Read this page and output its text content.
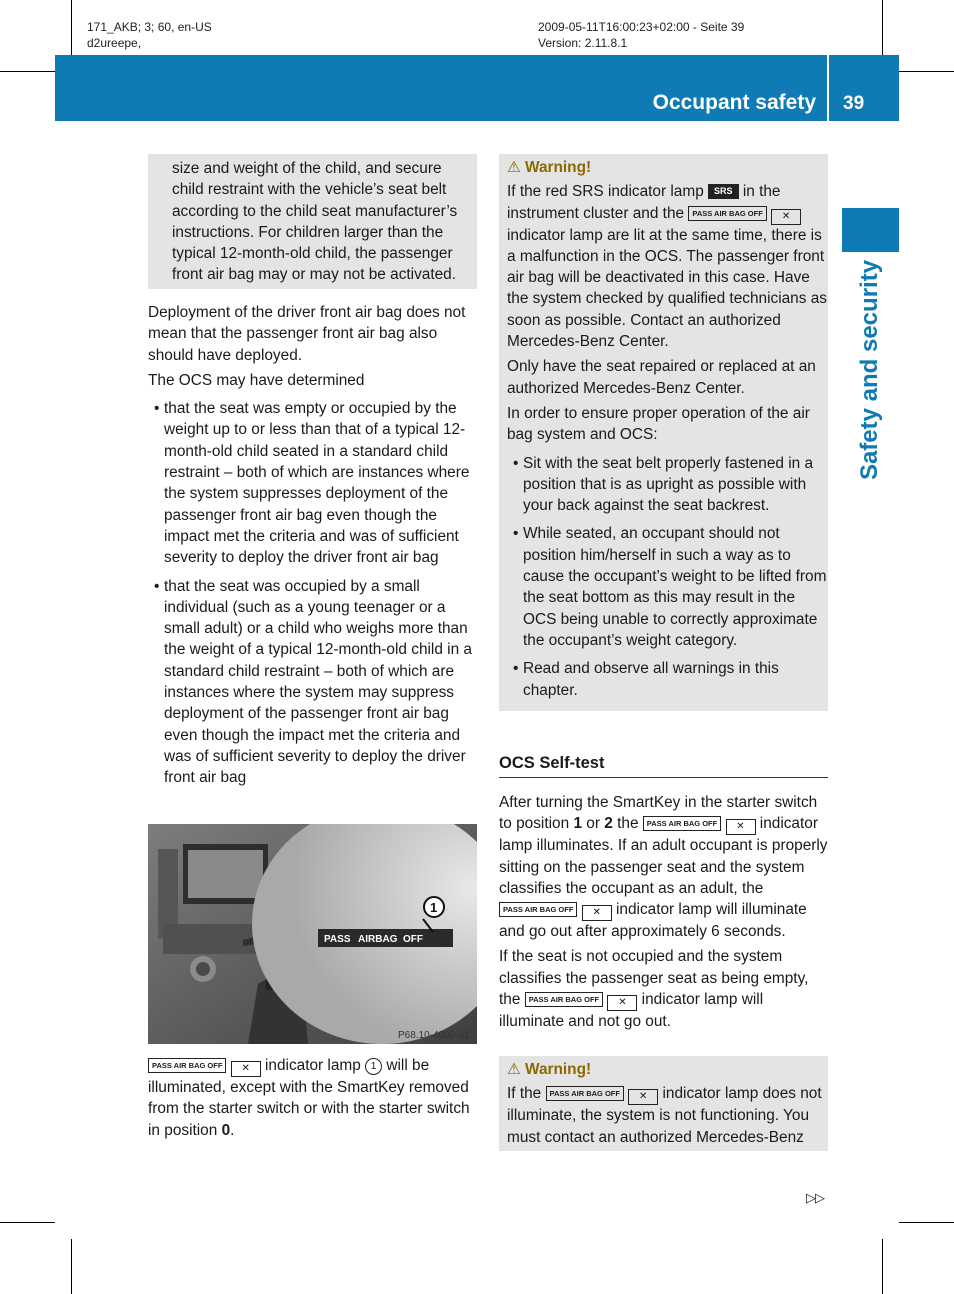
171_AKB; 3; 60, en-US
d2ureepe,
2009-05-11T16:00:23+02:00 - Seite 39
Version: 2.11.8.1
Occupant safety 39
Safety and security
size and weight of the child, and secure child restraint with the vehicle’s seat belt according to the child seat manufacturer’s instructions. For children larger than the typical 12-month-old child, the passenger front air bag may or may not be activated.

Deployment of the driver front air bag does not mean that the passenger front air bag also should have deployed.

The OCS may have determined

• that the seat was empty or occupied by the weight up to or less than that of a typical 12-month-old child seated in a standard child restraint – both of which are instances where the system suppresses deployment of the passenger front air bag even though the impact met the criteria and was of sufficient severity to deploy the driver front air bag
• that the seat was occupied by a small individual (such as a young teenager or a small adult) or a child who weighs more than the weight of a typical 12-month-old child in a standard child restraint – both of which are instances where the system may suppress deployment of the passenger front air bag even though the impact met the criteria and was of sufficient severity to deploy the driver front air bag
PASS AIRBAG OFF
1
P68.10-4000-31
PASS AIR BAG OFF ✕ indicator lamp 1 will be illuminated, except with the SmartKey removed from the starter switch or with the starter switch in position 0.
⚠ Warning!

If the red SRS indicator lamp SRS in the instrument cluster and the PASS AIR BAG OFF ✕ indicator lamp are lit at the same time, there is a malfunction in the OCS. The passenger front air bag will be deactivated in this case. Have the system checked by qualified technicians as soon as possible. Contact an authorized Mercedes-Benz Center.

Only have the seat repaired or replaced at an authorized Mercedes-Benz Center.

In order to ensure proper operation of the air bag system and OCS:

• Sit with the seat belt properly fastened in a position that is as upright as possible with your back against the seat backrest.
• While seated, an occupant should not position him/herself in such a way as to cause the occupant’s weight to be lifted from the seat bottom as this may result in the OCS being unable to correctly approximate the occupant’s weight category.
• Read and observe all warnings in this chapter.
OCS Self-test

After turning the SmartKey in the starter switch to position 1 or 2 the PASS AIR BAG OFF ✕ indicator lamp illuminates. If an adult occupant is properly sitting on the passenger seat and the system classifies the occupant as an adult, the PASS AIR BAG OFF ✕ indicator lamp will illuminate and go out after approximately 6 seconds.

If the seat is not occupied and the system classifies the passenger seat as being empty, the PASS AIR BAG OFF ✕ indicator lamp will illuminate and not go out.

⚠ Warning!

If the PASS AIR BAG OFF ✕ indicator lamp does not illuminate, the system is not functioning. You must contact an authorized Mercedes-Benz

▷▷
